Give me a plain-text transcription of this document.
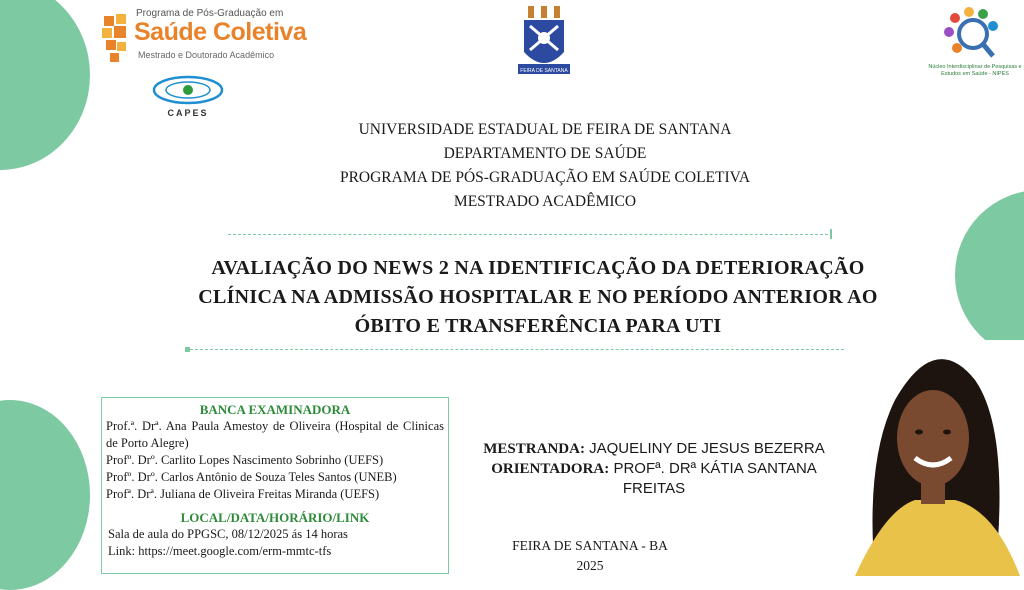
Programa de Pós-Graduação em
Saúde Coletiva
Mestrado e Doutorado Acadêmico
CAPES
FEIRA DE SANTANA
Núcleo Interdisciplinar de Pesquisas e
Estudos em Saúde - NIPES
UNIVERSIDADE ESTADUAL DE FEIRA DE SANTANA
DEPARTAMENTO DE SAÚDE
PROGRAMA DE PÓS-GRADUAÇÃO EM SAÚDE COLETIVA
MESTRADO ACADÊMICO
AVALIAÇÃO DO NEWS 2 NA IDENTIFICAÇÃO DA DETERIORAÇÃO
CLÍNICA NA ADMISSÃO HOSPITALAR E NO PERÍODO ANTERIOR AO
ÓBITO E TRANSFERÊNCIA PARA UTI
BANCA EXAMINADORA
Prof.ª. Drª. Ana Paula Amestoy de Oliveira (Hospital de Clinicas de Porto Alegre)
Profº. Drº. Carlito Lopes Nascimento Sobrinho (UEFS)
Profº. Drº. Carlos Antônio de Souza Teles Santos (UNEB)
Profª. Drª. Juliana de Oliveira Freitas Miranda (UEFS)
LOCAL/DATA/HORÁRIO/LINK
Sala de aula do PPGSC, 08/12/2025 ás 14 horas
Link: https://meet.google.com/erm-mmtc-tfs
MESTRANDA: JAQUELINY DE JESUS BEZERRA
ORIENTADORA: PROFª. DRª KÁTIA SANTANA
FREITAS
FEIRA DE SANTANA - BA
2025
